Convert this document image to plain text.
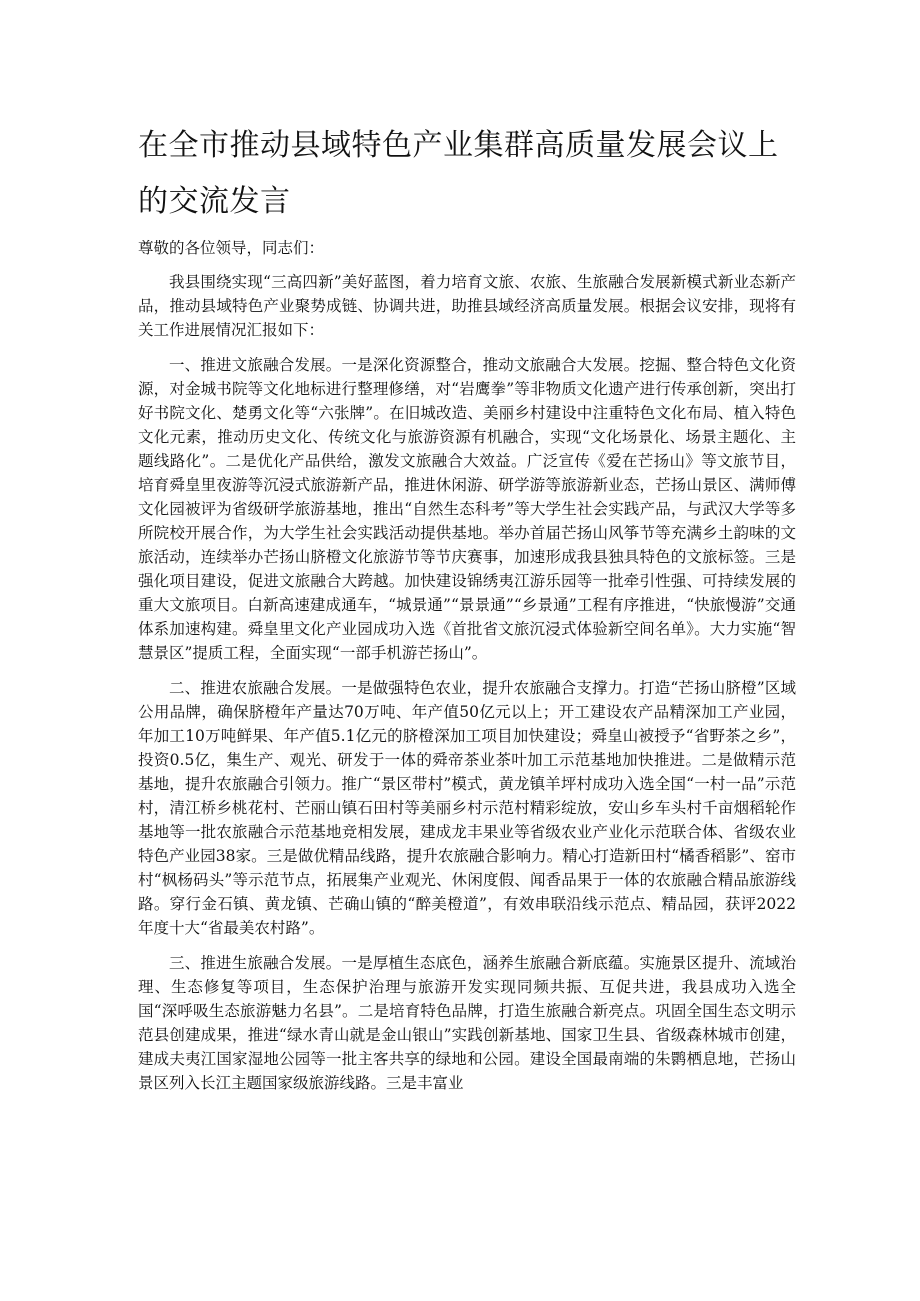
在全市推动县域特色产业集群高质量发展会议上的交流发言

尊敬的各位领导，同志们：

我县围绕实现“三高四新”美好蓝图，着力培育文旅、农旅、生旅融合发展新模式新业态新产品，推动县域特色产业聚势成链、协调共进，助推县域经济高质量发展。根据会议安排，现将有关工作进展情况汇报如下：

一、推进文旅融合发展。一是深化资源整合，推动文旅融合大发展。挖掘、整合特色文化资源，对金城书院等文化地标进行整理修缮，对“岩鹰拳”等非物质文化遗产进行传承创新，突出打好书院文化、楚勇文化等“六张牌”。在旧城改造、美丽乡村建设中注重特色文化布局、植入特色文化元素，推动历史文化、传统文化与旅游资源有机融合，实现“文化场景化、场景主题化、主题线路化”。二是优化产品供给，激发文旅融合大效益。广泛宣传《爱在芒扬山》等文旅节目，培育舜皇里夜游等沉浸式旅游新产品，推进休闲游、研学游等旅游新业态，芒扬山景区、满师傅文化园被评为省级研学旅游基地，推出“自然生态科考”等大学生社会实践产品，与武汉大学等多所院校开展合作，为大学生社会实践活动提供基地。举办首届芒扬山风筝节等充满乡土韵味的文旅活动，连续举办芒扬山脐橙文化旅游节等节庆赛事，加速形成我县独具特色的文旅标签。三是强化项目建设，促进文旅融合大跨越。加快建设锦绣夷江游乐园等一批牵引性强、可持续发展的重大文旅项目。白新高速建成通车，“城景通”“景景通”“乡景通”工程有序推进，“快旅慢游”交通体系加速构建。舜皇里文化产业园成功入选《首批省文旅沉浸式体验新空间名单》。大力实施“智慧景区”提质工程，全面实现“一部手机游芒扬山”。

二、推进农旅融合发展。一是做强特色农业，提升农旅融合支撑力。打造“芒扬山脐橙”区域公用品牌，确保脐橙年产量达70万吨、年产值50亿元以上；开工建设农产品精深加工产业园，年加工10万吨鲜果、年产值5.1亿元的脐橙深加工项目加快建设；舜皇山被授予“省野茶之乡”，投资0.5亿，集生产、观光、研发于一体的舜帝茶业茶叶加工示范基地加快推进。二是做精示范基地，提升农旅融合引领力。推广“景区带村”模式，黄龙镇羊坪村成功入选全国“一村一品”示范村，清江桥乡桃花村、芒丽山镇石田村等美丽乡村示范村精彩绽放，安山乡车头村千亩烟稻轮作基地等一批农旅融合示范基地竞相发展，建成龙丰果业等省级农业产业化示范联合体、省级农业特色产业园38家。三是做优精品线路，提升农旅融合影响力。精心打造新田村“橘香稻影”、窑市村“枫杨码头”等示范节点，拓展集产业观光、休闲度假、闻香品果于一体的农旅融合精品旅游线路。穿行金石镇、黄龙镇、芒确山镇的“醉美橙道”，有效串联沿线示范点、精品园，获评2022年度十大“省最美农村路”。

三、推进生旅融合发展。一是厚植生态底色，涵养生旅融合新底蕴。实施景区提升、流域治理、生态修复等项目，生态保护治理与旅游开发实现同频共振、互促共进，我县成功入选全国“深呼吸生态旅游魅力名县”。二是培育特色品牌，打造生旅融合新亮点。巩固全国生态文明示范县创建成果，推进“绿水青山就是金山银山”实践创新基地、国家卫生县、省级森林城市创建，建成夫夷江国家湿地公园等一批主客共享的绿地和公园。建设全国最南端的朱鹮栖息地，芒扬山景区列入长江主题国家级旅游线路。三是丰富业
